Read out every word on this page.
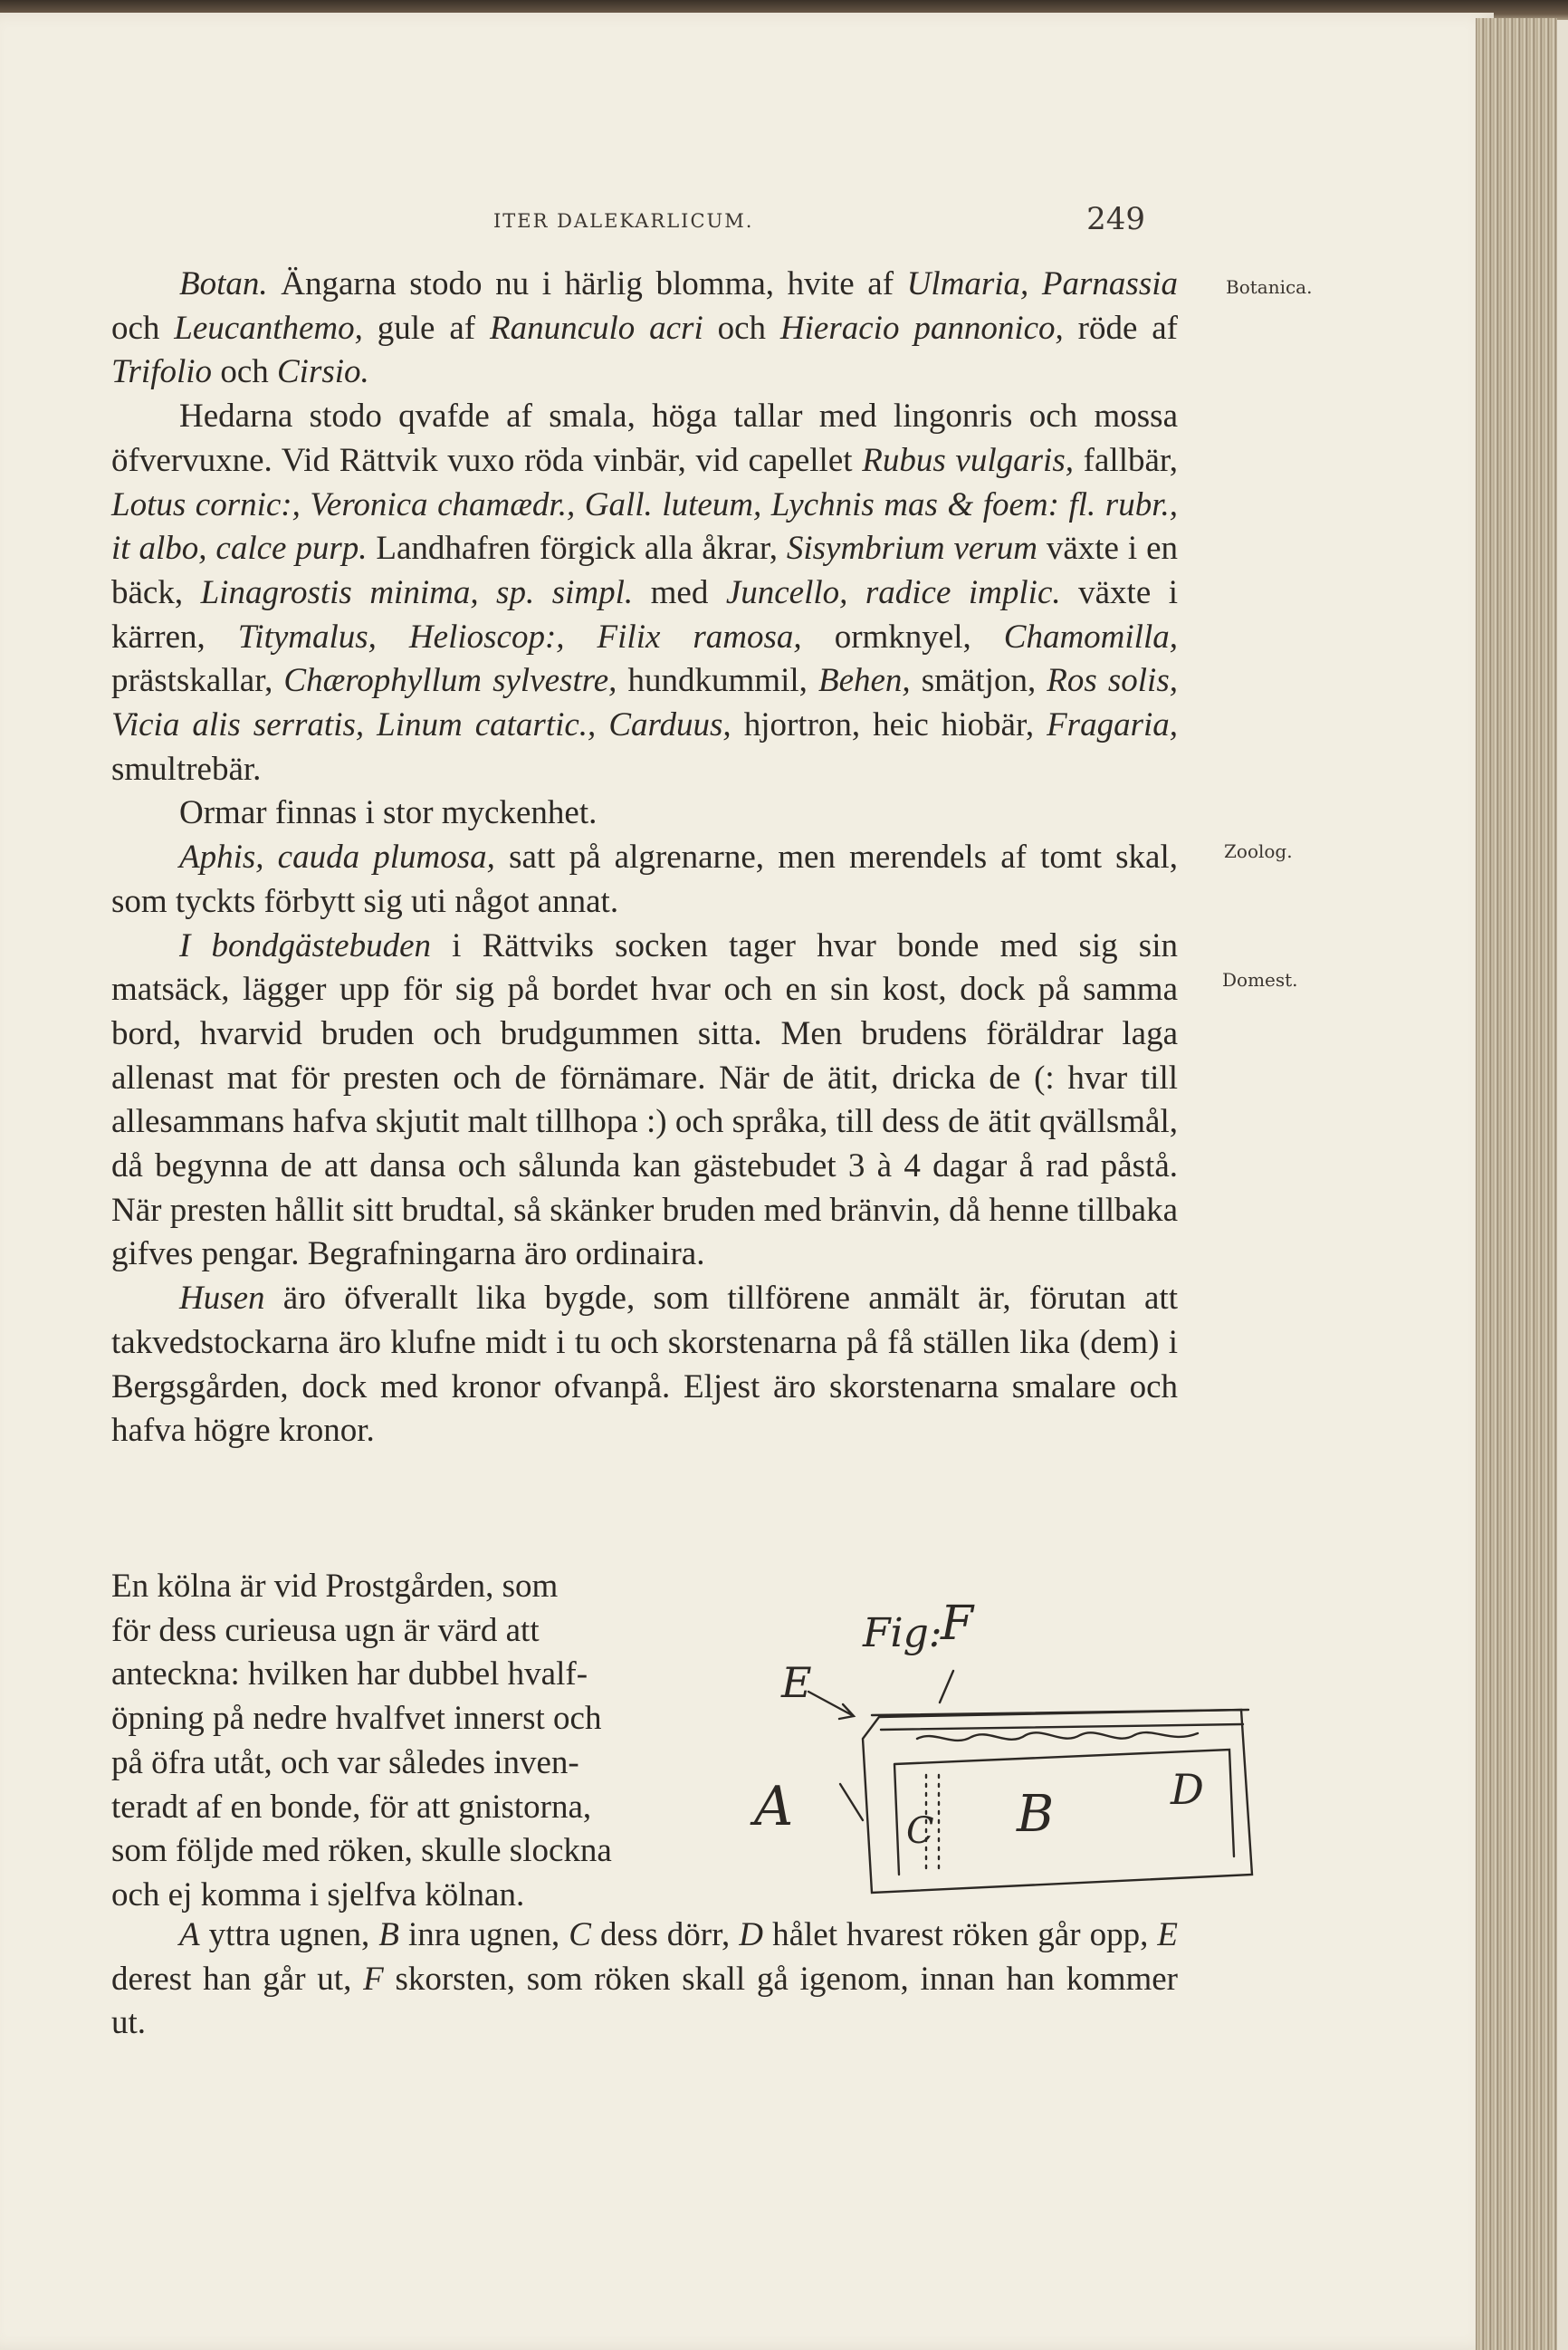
ITER DALEKARLICUM.	249
Botanica.
Zoolog.
Domest.

Botan. Ängarna stodo nu i härlig blomma, hvite af Ulmaria, Parnassia och Leucanthemo, gule af Ranunculo acri och Hieracio pannonico, röde af Trifolio och Cirsio.

Hedarna stodo qvafde af smala, höga tallar med lingonris och mossa öfvervuxne. Vid Rättvik vuxo röda vinbär, vid capellet Rubus vulgaris, fallbär, Lotus cornic:, Veronica chamædr., Gall. luteum, Lychnis mas & foem: fl. rubr., it albo, calce purp. Landhafren förgick alla åkrar, Sisymbrium verum växte i en bäck, Linagrostis minima, sp. simpl. med Juncello, radice implic. växte i kärren, Titymalus, Helioscop:, Filix ramosa, ormknyel, Chamomilla, prästskallar, Chærophyllum sylvestre, hundkummil, Behen, smätjon, Ros solis, Vicia alis serratis, Linum catartic., Carduus, hjortron, heic hiobär, Fragaria, smultrebär.

Ormar finnas i stor myckenhet.

Aphis, cauda plumosa, satt på algrenarne, men merendels af tomt skal, som tyckts förbytt sig uti något annat.

I bondgästebuden i Rättviks socken tager hvar bonde med sig sin matsäck, lägger upp för sig på bordet hvar och en sin kost, dock på samma bord, hvarvid bruden och brudgummen sitta. Men brudens föräldrar laga allenast mat för presten och de förnämare. När de ätit, dricka de (: hvar till allesammans hafva skjutit malt tillhopa :) och språka, till dess de ätit qvällsmål, då begynna de att dansa och sålunda kan gästebudet 3 à 4 dagar å rad påstå. När presten hållit sitt brudtal, så skänker bruden med bränvin, då henne tillbaka gifves pengar. Begrafningarna äro ordinaira.

Husen äro öfverallt lika bygde, som tillförene anmält är, förutan att takvedstockarna äro klufne midt i tu och skorstenarna på få ställen lika (dem) i Bergsgården, dock med kronor ofvanpå. Eljest äro skorstenarna smalare och hafva högre kronor.

En kölna är vid Prostgården, som
för dess curieusa ugn är värd att
anteckna: hvilken har dubbel hvalf-
öpning på nedre hvalfvet innerst och
på öfra utåt, och var således inven-
teradt af en bonde, för att gnistorna,
som följde med röken, skulle slockna
och ej komma i sjelfva kölnan.
Fig:
E
F
A	B
C
D

A yttra ugnen, B inra ugnen, C dess dörr, D hålet hvarest röken går opp, E derest han går ut, F skorsten, som röken skall gå igenom, innan han kommer ut.
